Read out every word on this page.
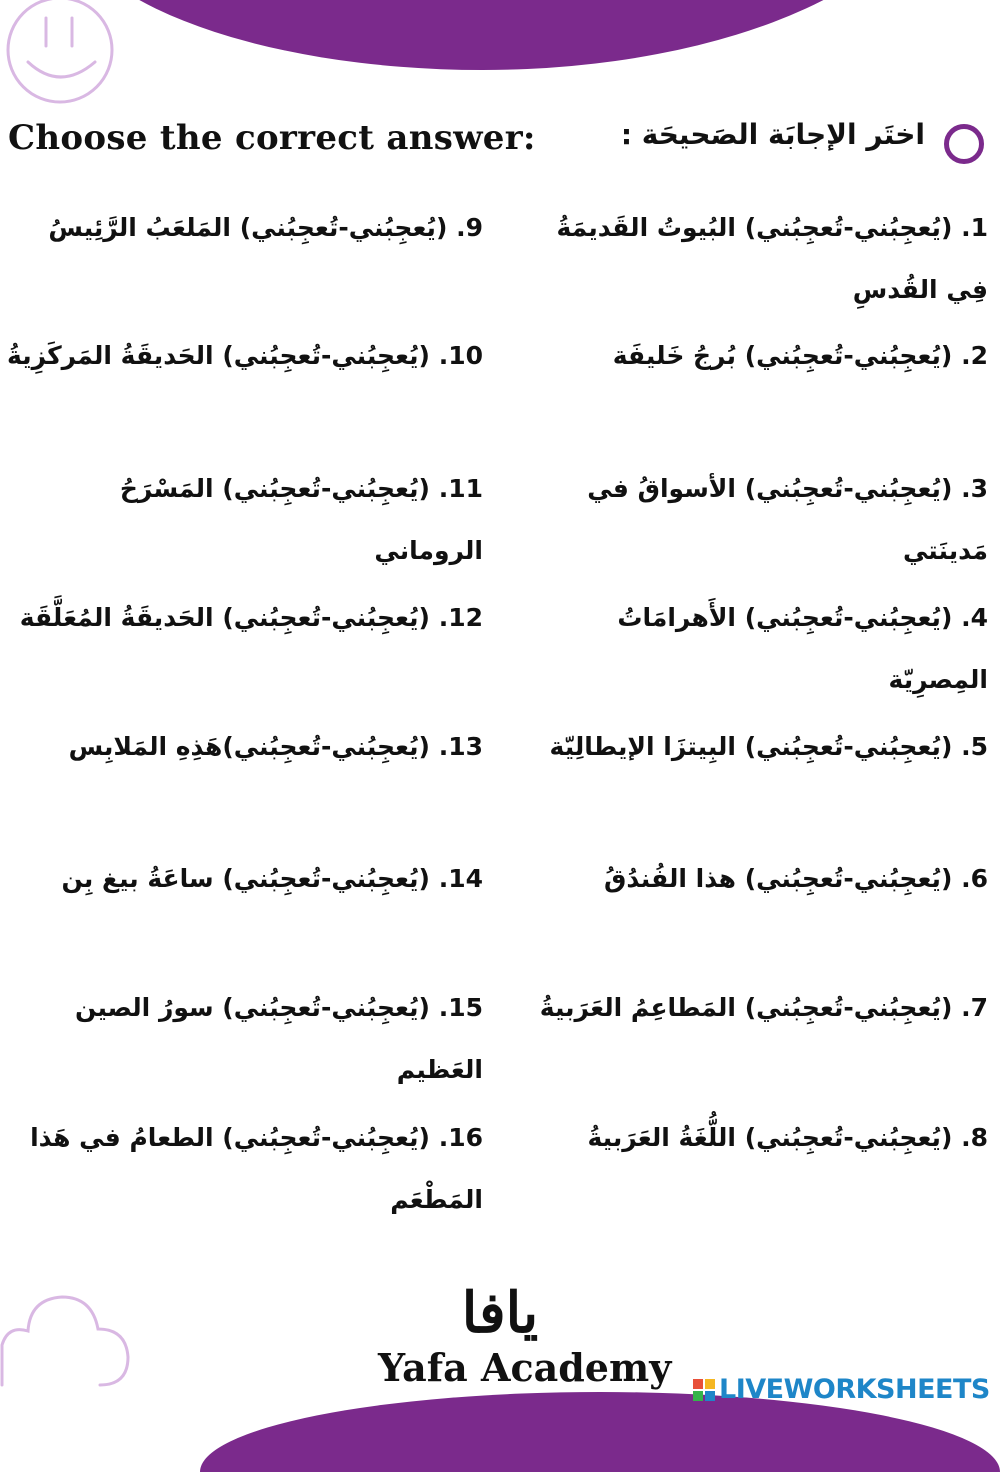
Choose the correct answer:	اختَر الإجابَة الصَحيحَة :
1. (يُعجِبُني-تُعجِبُني) البُيوتُ القَديمَةُ فِي القُدسِ
2. (يُعجِبُني-تُعجِبُني) بُرجُ خَليفَة
3. (يُعجِبُني-تُعجِبُني) الأسواقُ في مَدينَتي
4. (يُعجِبُني-تُعجِبُني) الأَهرامَاتُ المِصرِيّة
5. (يُعجِبُني-تُعجِبُني) البِيتزَا الإيطالِيّة
6. (يُعجِبُني-تُعجِبُني) هذا الفُندُقُ
7. (يُعجِبُني-تُعجِبُني) المَطاعِمُ العَرَبيةُ
8. (يُعجِبُني-تُعجِبُني) اللُّغَةُ العَرَبيةُ
9. (يُعجِبُني-تُعجِبُني) المَلعَبُ الرَّئِيسُ
10. (يُعجِبُني-تُعجِبُني) الحَديقَةُ المَركَزِيةُ
11. (يُعجِبُني-تُعجِبُني) المَسْرَحُ الروماني
12. (يُعجِبُني-تُعجِبُني) الحَديقَةُ المُعَلَّقَة
13. (يُعجِبُني-تُعجِبُني)هَذِهِ المَلابِس
14. (يُعجِبُني-تُعجِبُني) ساعَةُ بيغ بِن
15. (يُعجِبُني-تُعجِبُني) سورُ الصين العَظيم
16. (يُعجِبُني-تُعجِبُني) الطعامُ في هَذا المَطْعَم
يافا
Yafa Academy LIVEWORKSHEETS
